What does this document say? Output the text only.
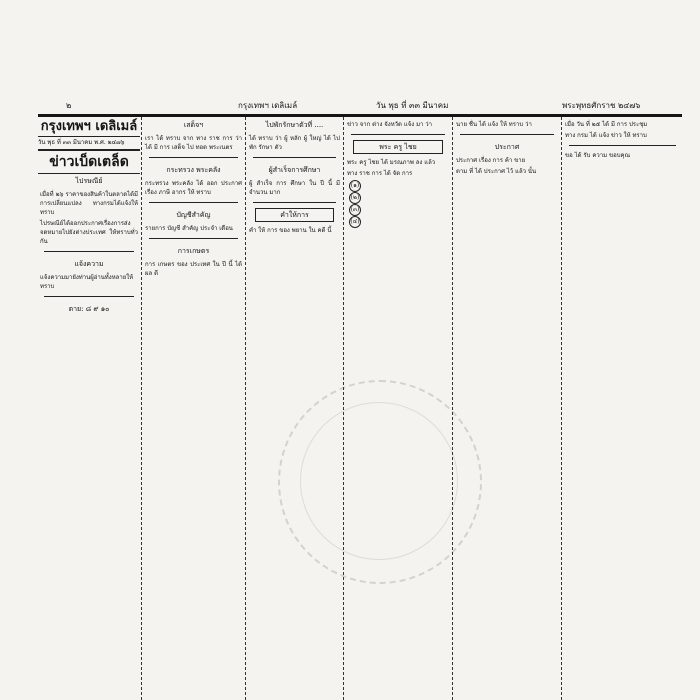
๒	กรุงเทพฯ เดลิเมล์	วัน พุธ ที่ ๓๓ มีนาคม	พระพุทธศักราช ๒๔๗๖
กรุงเทพฯ เดลิเมล์
วัน พุธ ที่ ๓๓ มีนาคม พ.ศ. ๒๔๗๖
ข่าวเบ็ดเตล็ด
ไปรษณีย์
เมื่อที่ ๒๖ ราคาของสินค้าในตลาดได้มีการเปลี่ยนแปลง ทางกรมได้แจ้งให้ทราบ
ไปรษณีย์ได้ออกประกาศเรื่องการส่งจดหมายไปยังต่างประเทศ ให้ทราบทั่วกัน
แจ้งความ
แจ้งความมายังท่านผู้อ่านทั้งหลายให้ทราบ
ตาย: ๘ ๙ ๑๐
เสด็จฯ
เรา ได้ ทราบ จาก ทาง ราช การ ว่า ได้ มี การ เสด็จ ไป ทอด พระเนตร
กระทรวง พระคลัง
กระทรวง พระคลัง ได้ ออก ประกาศ เรื่อง ภาษี อากร ให้ ทราบ
บัญชีสำคัญ
รายการ บัญชี สำคัญ ประจำ เดือน
การเกษตร
การ เกษตร ของ ประเทศ ใน ปี นี้ ได้ ผล ดี
ไปพักรักษาตัวที่ ....
ได้ ทราบ ว่า ผู้ หลัก ผู้ ใหญ่ ได้ ไป พัก รักษา ตัว
ผู้สำเร็จการศึกษา
ผู้ สำเร็จ การ ศึกษา ใน ปี นี้ มี จำนวน มาก
คำให้การ
คำ ให้ การ ของ พยาน ใน คดี นี้
ข่าว จาก ต่าง จังหวัด แจ้ง มา ว่า
พระ ครู ไชย
พระ ครู ไชย ได้ มรณภาพ ลง แล้ว
ทาง ราช การ ได้ จัด การ
(๑)
(๒)
(๓)
(๔)
นาย ชื่น ได้ แจ้ง ให้ ทราบ ว่า
ประกาศ
ประกาศ เรื่อง การ ค้า ขาย
ตาม ที่ ได้ ประกาศ ไว้ แล้ว นั้น
เมื่อ วัน ที่ ๒๕ ได้ มี การ ประชุม
ทาง กรม ได้ แจ้ง ข่าว ให้ ทราบ
ขอ ได้ รับ ความ ขอบคุณ
